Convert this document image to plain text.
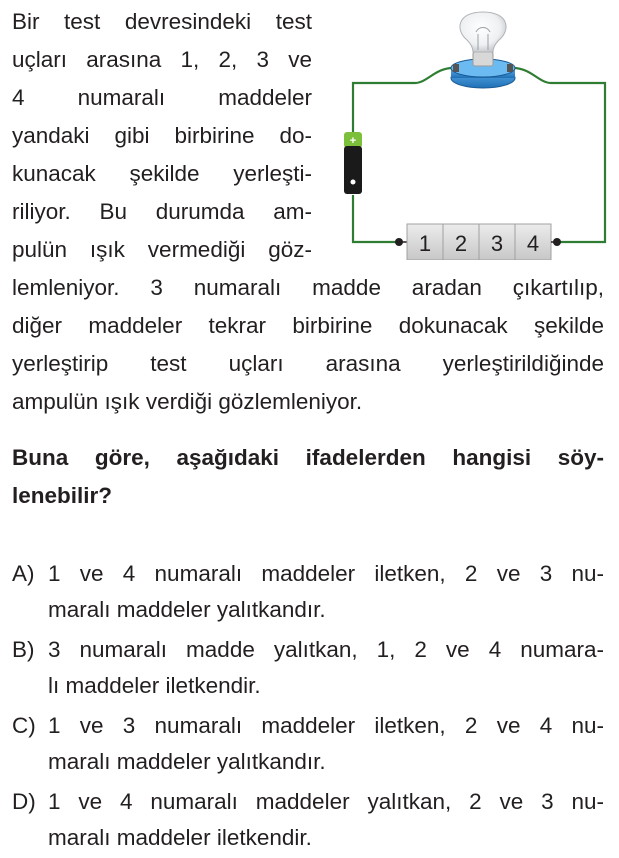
Bir test devresindeki test
uçları arasına 1, 2, 3 ve
4 numaralı maddeler
yandaki gibi birbirine do-
kunacak şekilde yerleşti-
riliyor. Bu durumda am-
pulün ışık vermediği göz-
lemleniyor. 3 numaralı madde aradan çıkartılıp,
diğer maddeler tekrar birbirine dokunacak şekilde
yerleştirip test uçları arasına yerleştirildiğinde
ampulün ışık verdiği gözlemleniyor.
Buna göre, aşağıdaki ifadelerden hangisi söy-
lenebilir?
A) 1 ve 4 numaralı maddeler iletken, 2 ve 3 nu-
maralı maddeler yalıtkandır.
B) 3 numaralı madde yalıtkan, 1, 2 ve 4 numara-
lı maddeler iletkendir.
C) 1 ve 3 numaralı maddeler iletken, 2 ve 4 nu-
maralı maddeler yalıtkandır.
D) 1 ve 4 numaralı maddeler yalıtkan, 2 ve 3 nu-
maralı maddeler iletkendir.
+
1 2 3 4
